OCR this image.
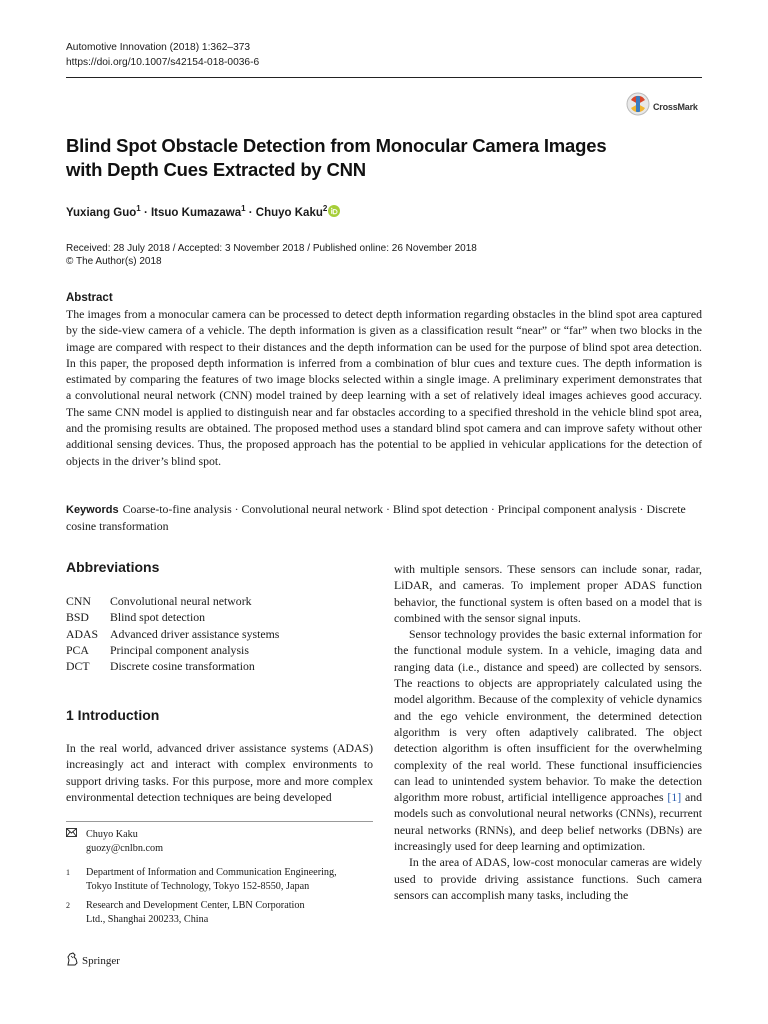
Automotive Innovation (2018) 1:362–373
https://doi.org/10.1007/s42154-018-0036-6
CrossMark
Blind Spot Obstacle Detection from Monocular Camera Images
with Depth Cues Extracted by CNN
Yuxiang Guo$^1$ · Itsuo Kumazawa$^1$ · Chuyo Kaku$^2$
Received: 28 July 2018 / Accepted: 3 November 2018 / Published online: 26 November 2018
© The Author(s) 2018
Abstract
The images from a monocular camera can be processed to detect depth information regarding obstacles in the blind spot area captured by the side-view camera of a vehicle. The depth information is given as a classification result “near” or “far” when two blocks in the image are compared with respect to their distances and the depth information can be used for the purpose of blind spot area detection. In this paper, the proposed depth information is inferred from a combination of blur cues and texture cues. The depth information is estimated by comparing the features of two image blocks selected within a single image. A preliminary experiment demonstrates that a convolutional neural network (CNN) model trained by deep learning with a set of relatively ideal images achieves good accuracy. The same CNN model is applied to distinguish near and far obstacles according to a specified threshold in the vehicle blind spot area, and the promising results are obtained. The proposed method uses a standard blind spot camera and can improve safety without other additional sensing devices. Thus, the proposed approach has the potential to be applied in vehicular applications for the detection of objects in the driver’s blind spot.
Keywords Coarse-to-fine analysis · Convolutional neural network · Blind spot detection · Principal component analysis · Discrete cosine transformation
Abbreviations
CNN	Convolutional neural network
BSD	Blind spot detection
ADAS	Advanced driver assistance systems
PCA	Principal component analysis
DCT	Discrete cosine transformation
1 Introduction
In the real world, advanced driver assistance systems (ADAS) increasingly act and interact with complex environments to support driving tasks. For this purpose, more and more complex environmental detection techniques are being developed
Chuyo Kaku
guozy@cnlbn.com
1	Department of Information and Communication Engineering,
Tokyo Institute of Technology, Tokyo 152-8550, Japan
2	Research and Development Center, LBN Corporation
Ltd., Shanghai 200233, China
Springer

with multiple sensors. These sensors can include sonar, radar, LiDAR, and cameras. To implement proper ADAS function behavior, the functional system is often based on a model that is combined with the sensor signal inputs.

Sensor technology provides the basic external information for the functional module system. In a vehicle, imaging data and ranging data (i.e., distance and speed) are collected by sensors. The reactions to objects are appropriately calculated using the model algorithm. Because of the complexity of vehicle dynamics and the ego vehicle environment, the determined detection algorithm is very often adaptively calibrated. The object detection algorithm is often insufficient for the overwhelming complexity of the real world. These functional insufficiencies can lead to unintended system behavior. To make the detection algorithm more robust, artificial intelligence approaches [1] and models such as convolutional neural networks (CNNs), recurrent neural networks (RNNs), and deep belief networks (DBNs) are increasingly used for deep learning and optimization.

In the area of ADAS, low-cost monocular cameras are widely used to provide driving assistance functions. Such camera sensors can accomplish many tasks, including the
